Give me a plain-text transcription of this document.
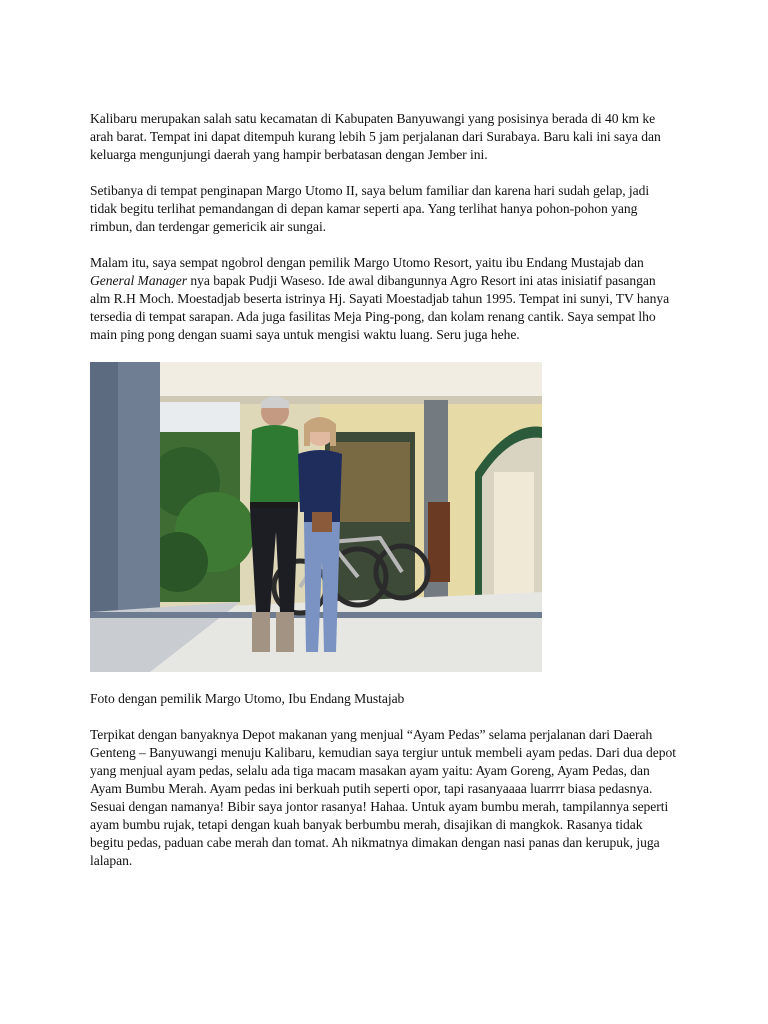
Kalibaru merupakan salah satu kecamatan di Kabupaten Banyuwangi yang posisinya berada di 40 km ke arah barat. Tempat ini dapat ditempuh kurang lebih 5 jam perjalanan dari Surabaya. Baru kali ini saya dan keluarga mengunjungi daerah yang hampir berbatasan dengan Jember ini.

Setibanya di tempat penginapan Margo Utomo II, saya belum familiar dan karena hari sudah gelap, jadi tidak begitu terlihat pemandangan di depan kamar seperti apa. Yang terlihat hanya pohon-pohon yang rimbun, dan terdengar gemericik air sungai.

Malam itu, saya sempat ngobrol dengan pemilik Margo Utomo Resort, yaitu ibu Endang Mustajab dan General Manager nya bapak Pudji Waseso. Ide awal dibangunnya Agro Resort ini atas inisiatif pasangan alm R.H Moch. Moestadjab beserta istrinya Hj. Sayati Moestadjab tahun 1995. Tempat ini sunyi, TV hanya tersedia di tempat sarapan. Ada juga fasilitas Meja Ping-pong, dan kolam renang cantik. Saya sempat lho main ping pong dengan suami saya untuk mengisi waktu luang. Seru juga hehe.

Foto dengan pemilik Margo Utomo, Ibu Endang Mustajab

Terpikat dengan banyaknya Depot makanan yang menjual “Ayam Pedas” selama perjalanan dari Daerah Genteng – Banyuwangi menuju Kalibaru, kemudian saya tergiur untuk membeli ayam pedas. Dari dua depot yang menjual ayam pedas, selalu ada tiga macam masakan ayam yaitu: Ayam Goreng, Ayam Pedas, dan Ayam Bumbu Merah. Ayam pedas ini berkuah putih seperti opor, tapi rasanyaaaa luarrrr biasa pedasnya. Sesuai dengan namanya! Bibir saya jontor rasanya! Hahaa. Untuk ayam bumbu merah, tampilannya seperti ayam bumbu rujak, tetapi dengan kuah banyak berbumbu merah, disajikan di mangkok. Rasanya tidak begitu pedas, paduan cabe merah dan tomat. Ah nikmatnya dimakan dengan nasi panas dan kerupuk, juga lalapan.
